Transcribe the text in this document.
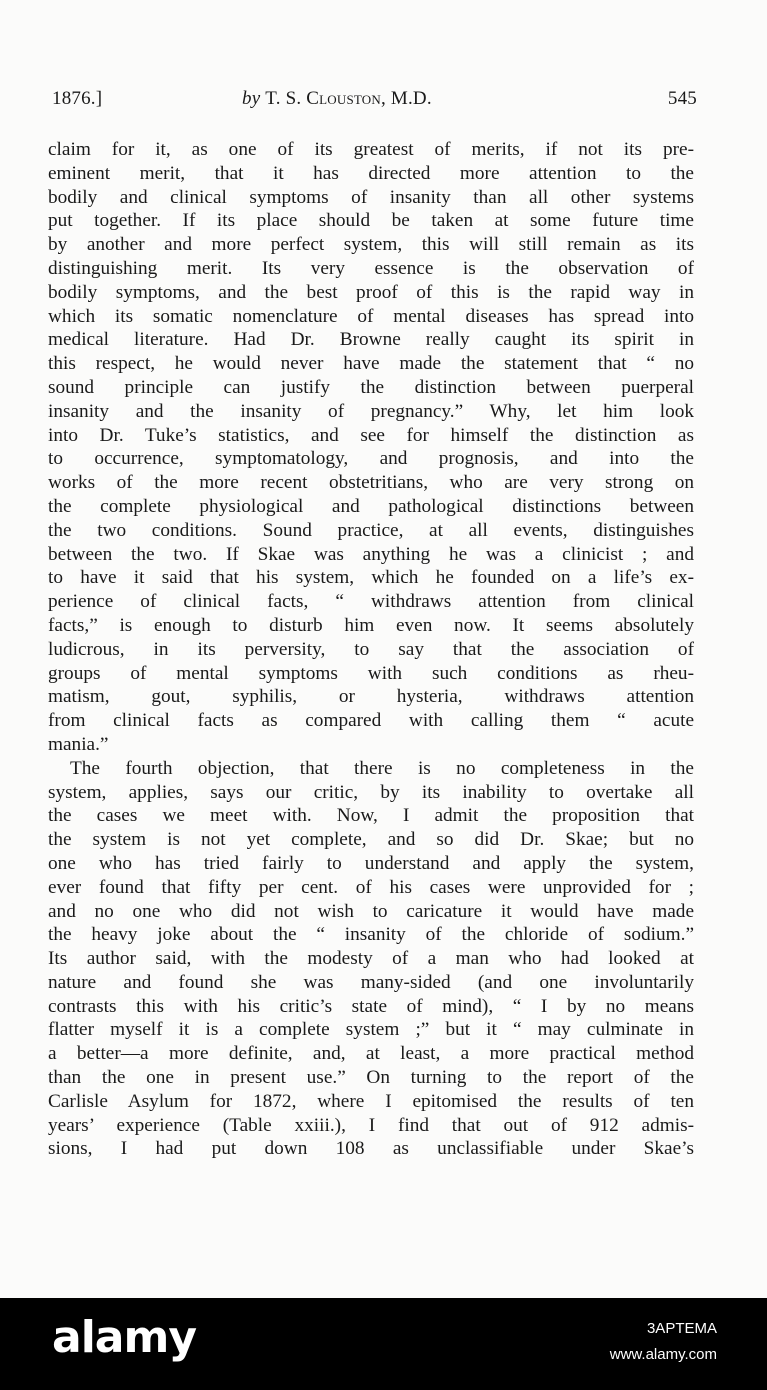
1876.]	by T. S. Clouston, M.D.	545
claim for it, as one of its greatest of merits, if not its pre-
eminent merit, that it has directed more attention to the
bodily and clinical symptoms of insanity than all other systems
put together. If its place should be taken at some future time
by another and more perfect system, this will still remain as its
distinguishing merit. Its very essence is the observation of
bodily symptoms, and the best proof of this is the rapid way in
which its somatic nomenclature of mental diseases has spread into
medical literature. Had Dr. Browne really caught its spirit in
this respect, he would never have made the statement that “ no
sound principle can justify the distinction between puerperal
insanity and the insanity of pregnancy.” Why, let him look
into Dr. Tuke’s statistics, and see for himself the distinction as
to occurrence, symptomatology, and prognosis, and into the
works of the more recent obstetritians, who are very strong on
the complete physiological and pathological distinctions between
the two conditions. Sound practice, at all events, distinguishes
between the two. If Skae was anything he was a clinicist ; and
to have it said that his system, which he founded on a life’s ex-
perience of clinical facts, “ withdraws attention from clinical
facts,” is enough to disturb him even now. It seems absolutely
ludicrous, in its perversity, to say that the association of
groups of mental symptoms with such conditions as rheu-
matism, gout, syphilis, or hysteria, withdraws attention
from clinical facts as compared with calling them “ acute
mania.”
The fourth objection, that there is no completeness in the
system, applies, says our critic, by its inability to overtake all
the cases we meet with. Now, I admit the proposition that
the system is not yet complete, and so did Dr. Skae; but no
one who has tried fairly to understand and apply the system,
ever found that fifty per cent. of his cases were unprovided for ;
and no one who did not wish to caricature it would have made
the heavy joke about the “ insanity of the chloride of sodium.”
Its author said, with the modesty of a man who had looked at
nature and found she was many-sided (and one involuntarily
contrasts this with his critic’s state of mind), “ I by no means
flatter myself it is a complete system ;” but it “ may culminate in
a better—a more definite, and, at least, a more practical method
than the one in present use.” On turning to the report of the
Carlisle Asylum for 1872, where I epitomised the results of ten
years’ experience (Table xxiii.), I find that out of 912 admis-
sions, I had put down 108 as unclassifiable under Skae’s
alamy	3APTEMA
www.alamy.com
